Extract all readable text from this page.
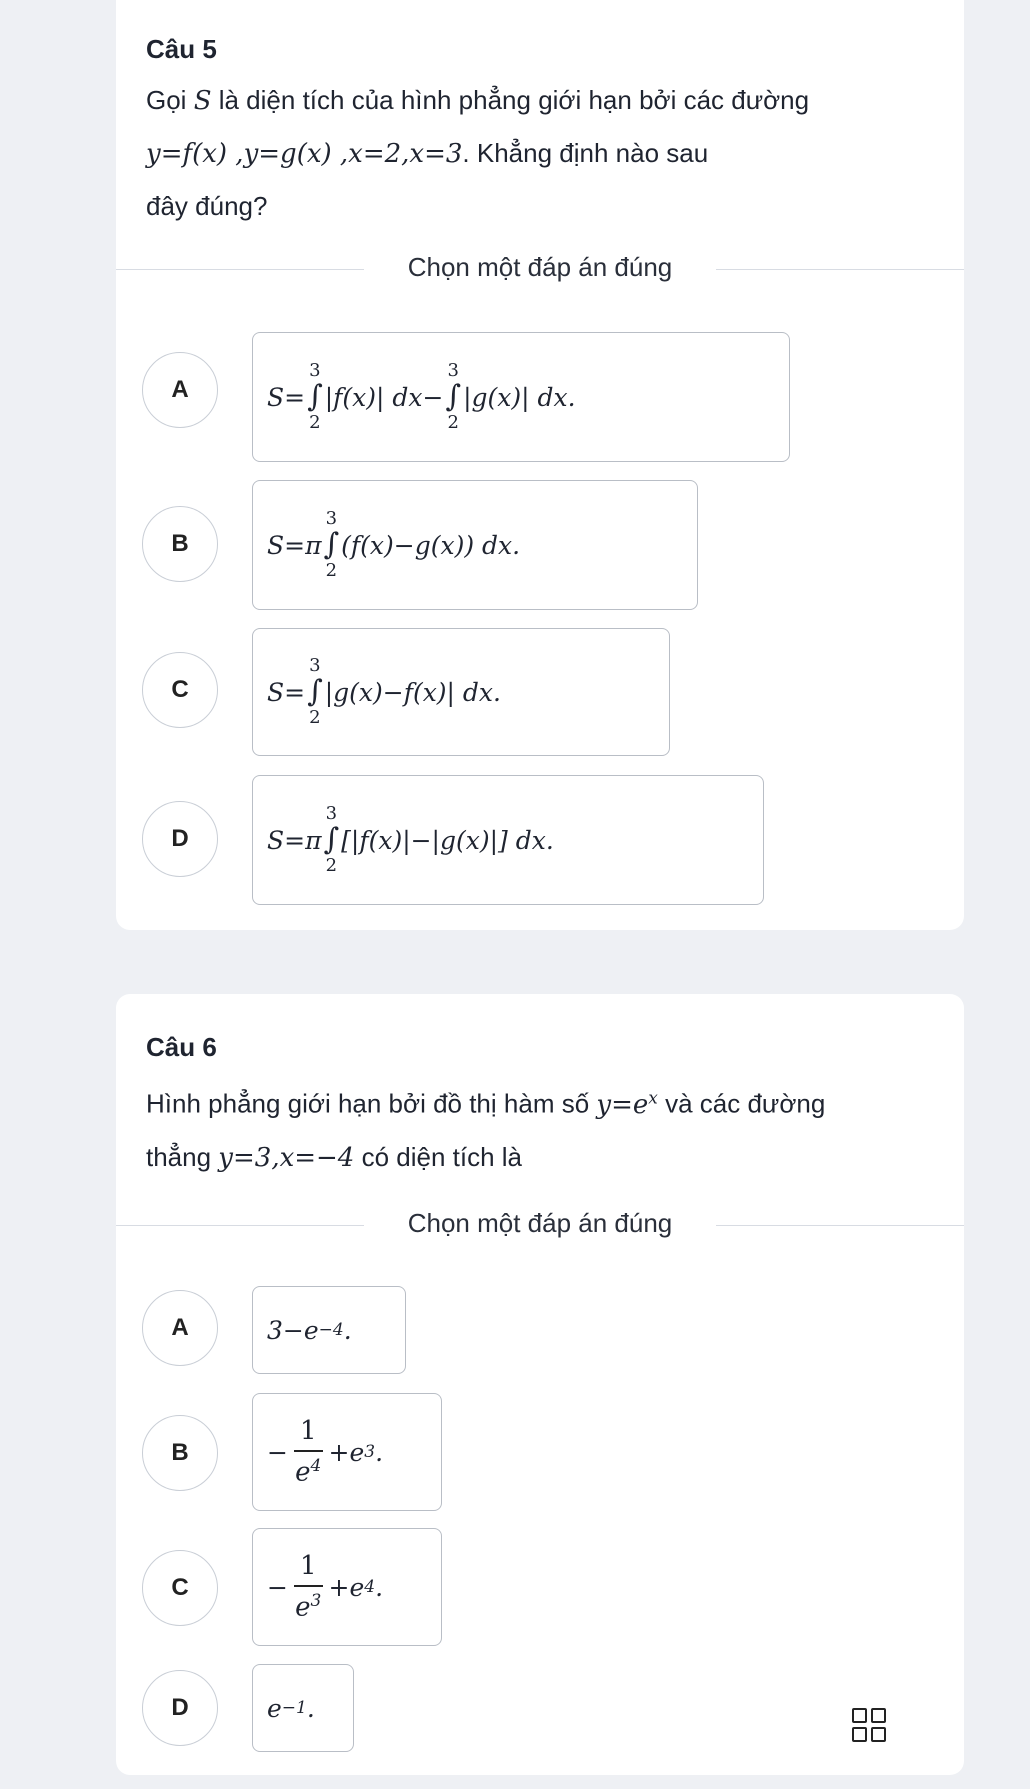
Câu 5
Gọi S là diện tích của hình phẳng giới hạn bởi các đường
y=f(x) ,y=g(x) ,x=2,x=3. Khẳng định nào sau
đây đúng?
Chọn một đáp án đúng
A	S=
3
∫
2
|f(x)| dx−
3
∫
2
|g(x)| dx.
B	S=π
3
∫
2
(f(x)−g(x)) dx.
C	S=
3
∫
2
|g(x)−f(x)| dx.
D	S=π
3
∫
2
[|f(x)|−|g(x)|] dx.
Câu 6
Hình phẳng giới hạn bởi đồ thị hàm số $y=e^x$ và các đường
thẳng y=3,x=−4 có diện tích là
Chọn một đáp án đúng
A	3−e −4 .
B	− $\frac{1}{e^4} +e$ 3 .
C	− $\frac{1}{e^3} +e$ 4 .
D	e −1 .
